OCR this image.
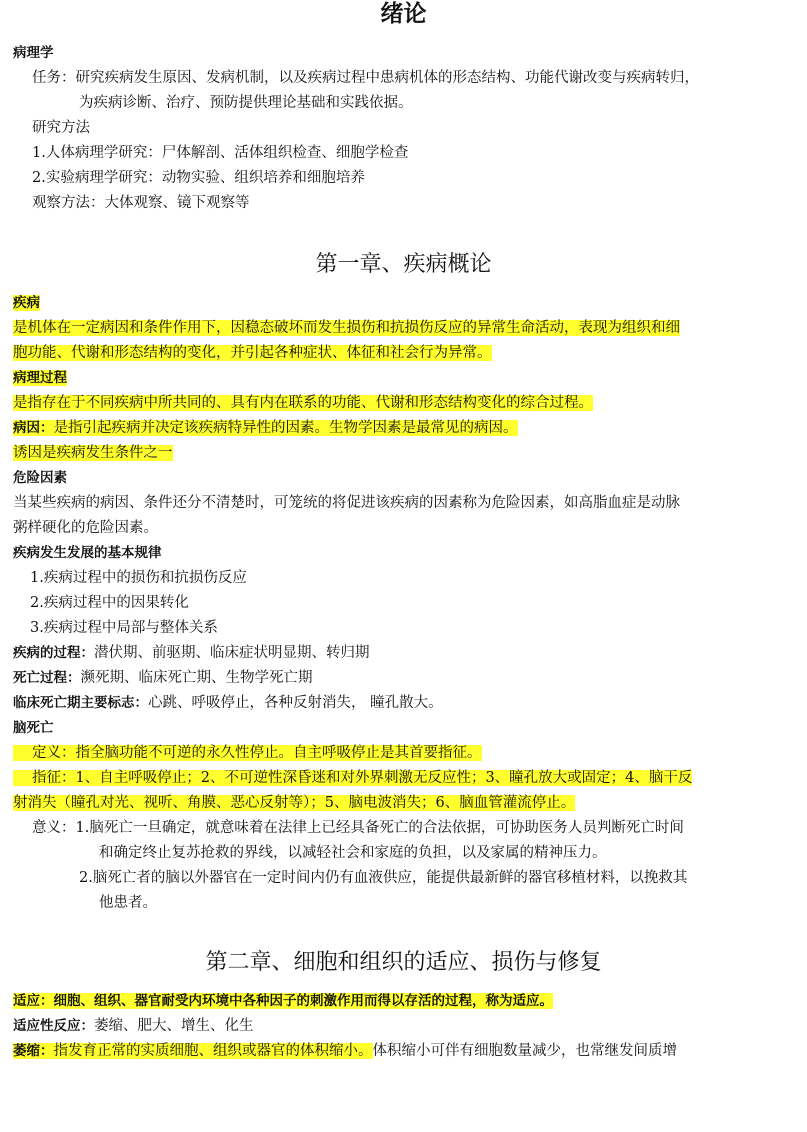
绪论
病理学
任务：研究疾病发生原因、发病机制，以及疾病过程中患病机体的形态结构、功能代谢改变与疾病转归，
为疾病诊断、治疗、预防提供理论基础和实践依据。
研究方法
1.人体病理学研究：尸体解剖、活体组织检查、细胞学检查
2.实验病理学研究：动物实验、组织培养和细胞培养
观察方法：大体观察、镜下观察等
第一章、疾病概论
疾病
是机体在一定病因和条件作用下，因稳态破坏而发生损伤和抗损伤反应的异常生命活动，表现为组织和细
胞功能、代谢和形态结构的变化，并引起各种症状、体征和社会行为异常。
病理过程
是指存在于不同疾病中所共同的、具有内在联系的功能、代谢和形态结构变化的综合过程。
病因：是指引起疾病并决定该疾病特异性的因素。生物学因素是最常见的病因。
诱因是疾病发生条件之一
危险因素
当某些疾病的病因、条件还分不清楚时，可笼统的将促进该疾病的因素称为危险因素，如高脂血症是动脉
粥样硬化的危险因素。
疾病发生发展的基本规律
1.疾病过程中的损伤和抗损伤反应
2.疾病过程中的因果转化
3.疾病过程中局部与整体关系
疾病的过程：潜伏期、前驱期、临床症状明显期、转归期
死亡过程：濒死期、临床死亡期、生物学死亡期
临床死亡期主要标志：心跳、呼吸停止，各种反射消失， 瞳孔散大。
脑死亡
定义：指全脑功能不可逆的永久性停止。自主呼吸停止是其首要指征。
指征：1、自主呼吸停止；2、不可逆性深昏迷和对外界刺激无反应性；3、瞳孔放大或固定；4、脑干反
射消失（瞳孔对光、视听、角膜、恶心反射等）；5、脑电波消失；6、脑血管灌流停止。
意义：1.脑死亡一旦确定，就意味着在法律上已经具备死亡的合法依据，可协助医务人员判断死亡时间
和确定终止复苏抢救的界线，以减轻社会和家庭的负担，以及家属的精神压力。
2.脑死亡者的脑以外器官在一定时间内仍有血液供应，能提供最新鲜的器官移植材料，以挽救其
他患者。
第二章、细胞和组织的适应、损伤与修复
适应：细胞、组织、器官耐受内环境中各种因子的刺激作用而得以存活的过程，称为适应。
适应性反应：萎缩、肥大、增生、化生
萎缩：指发育正常的实质细胞、组织或器官的体积缩小。体积缩小可伴有细胞数量减少，也常继发间质增
